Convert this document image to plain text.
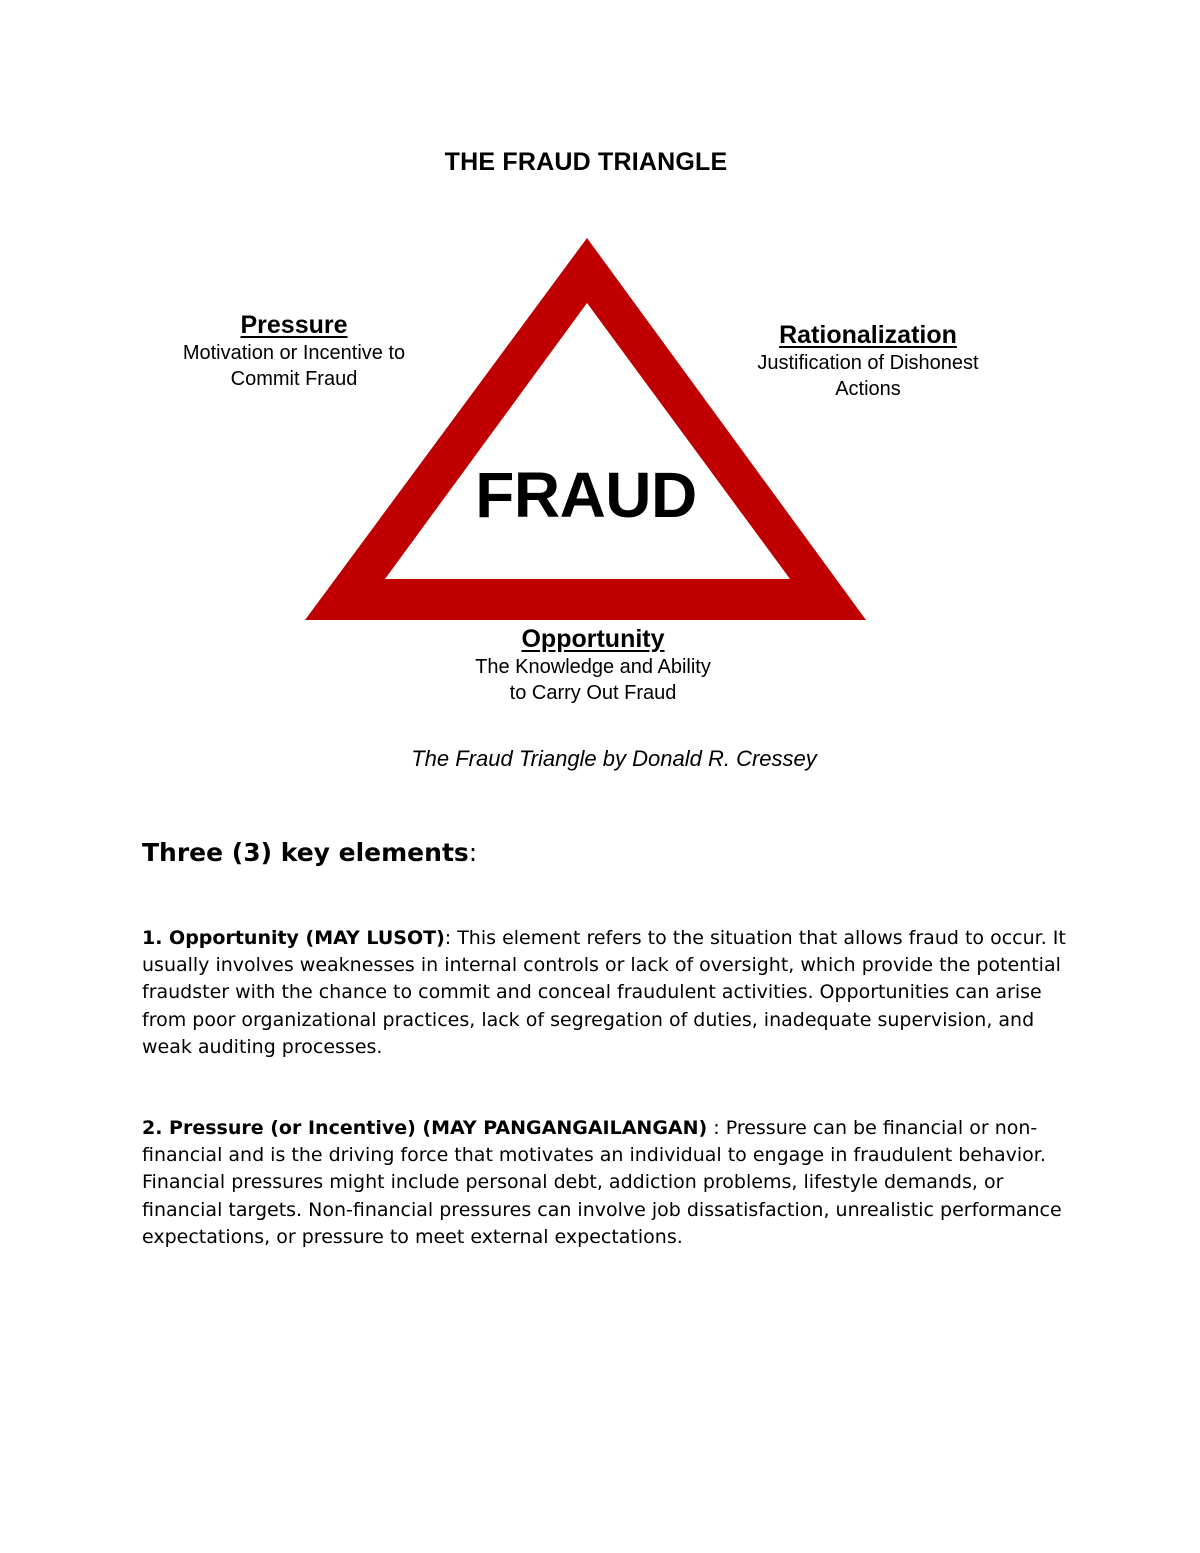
THE FRAUD TRIANGLE
FRAUD
Pressure
Motivation or Incentive to
Commit Fraud
Rationalization
Justification of Dishonest
Actions
Opportunity
The Knowledge and Ability
to Carry Out Fraud
The Fraud Triangle by Donald R. Cressey

Three (3) key elements:

1. Opportunity (MAY LUSOT): This element refers to the situation that allows fraud to occur. It usually involves weaknesses in internal controls or lack of oversight, which provide the potential fraudster with the chance to commit and conceal fraudulent activities. Opportunities can arise from poor organizational practices, lack of segregation of duties, inadequate supervision, and weak auditing processes.

2. Pressure (or Incentive) (MAY PANGANGAILANGAN) : Pressure can be financial or non-financial and is the driving force that motivates an individual to engage in fraudulent behavior. Financial pressures might include personal debt, addiction problems, lifestyle demands, or financial targets. Non-financial pressures can involve job dissatisfaction, unrealistic performance expectations, or pressure to meet external expectations.
